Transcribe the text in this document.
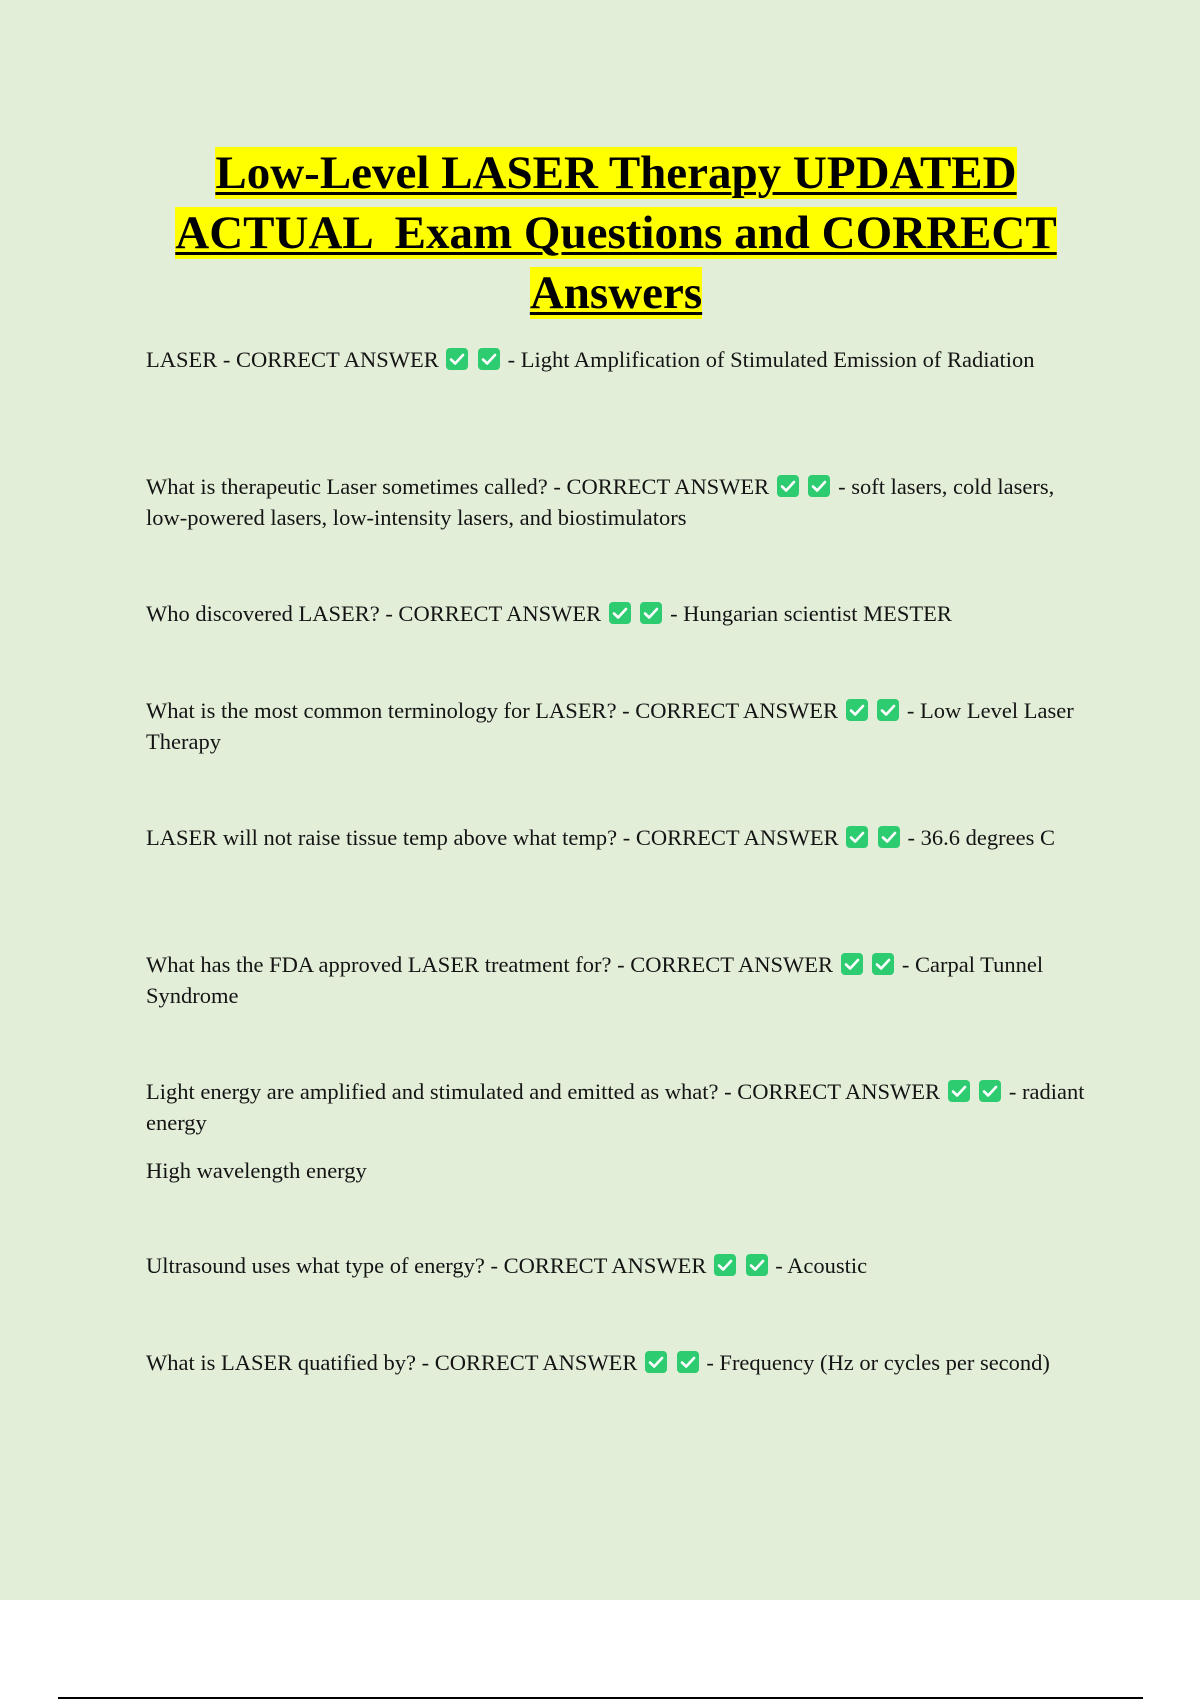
Low-Level LASER Therapy UPDATED
ACTUAL  Exam Questions and CORRECT
Answers

LASER - CORRECT ANSWER
	- Light Amplification of Stimulated Emission of Radiation

What is therapeutic Laser sometimes called? - CORRECT ANSWER
	- soft lasers, cold lasers, low-powered lasers, low-intensity lasers, and biostimulators

Who discovered LASER? - CORRECT ANSWER
	- Hungarian scientist MESTER

What is the most common terminology for LASER? - CORRECT ANSWER
	- Low Level Laser Therapy

LASER will not raise tissue temp above what temp? - CORRECT ANSWER
	- 36.6 degrees C

What has the FDA approved LASER treatment for? - CORRECT ANSWER
	- Carpal Tunnel Syndrome

Light energy are amplified and stimulated and emitted as what? - CORRECT ANSWER
	- radiant energy

High wavelength energy

Ultrasound uses what type of energy? - CORRECT ANSWER
	- Acoustic

What is LASER quatified by? - CORRECT ANSWER
	- Frequency (Hz or cycles per second)
